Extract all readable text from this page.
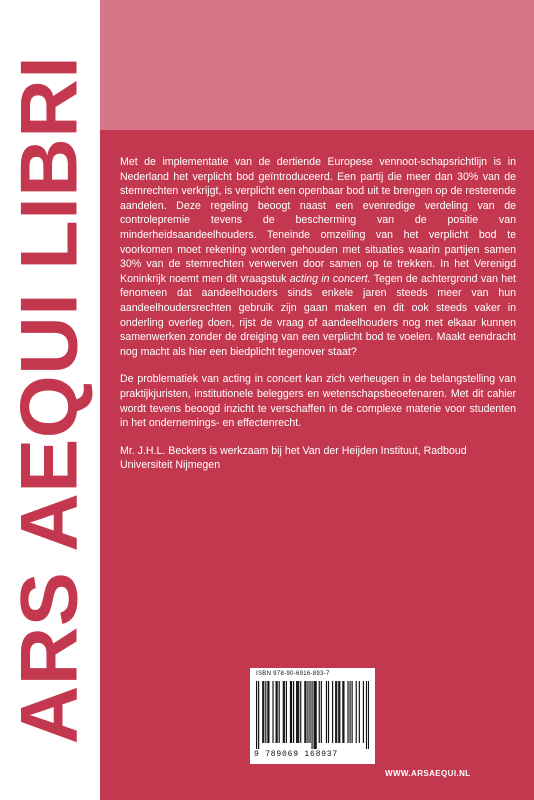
ARS AEQUI LIBRI Met de implementatie van de dertiende Europese vennoot-schapsrichtlijn is in Nederland het verplicht bod geïntroduceerd. Een partij die meer dan 30% van de stemrechten verkrijgt, is verplicht een openbaar bod uit te brengen op de resterende aandelen. Deze regeling beoogt naast een evenredige verdeling van de controlepremie tevens de bescherming van de positie van minderheidsaandeelhouders. Teneinde omzeiling van het verplicht bod te voorkomen moet rekening worden gehouden met situaties waarin partijen samen 30% van de stemrechten verwerven door samen op te trekken. In het Verenigd Koninkrijk noemt men dit vraagstuk acting in concert. Tegen de achtergrond van het fenomeen dat aandeelhouders sinds enkele jaren steeds meer van hun aandeelhoudersrechten gebruik zijn gaan maken en dit ook steeds vaker in onderling overleg doen, rijst de vraag of aandeelhouders nog met elkaar kunnen samenwerken zonder de dreiging van een verplicht bod te voelen. Maakt eendracht nog macht als hier een biedplicht tegenover staat?

De problematiek van acting in concert kan zich verheugen in de belangstelling van praktijkjuristen, institutionele beleggers en wetenschapsbeoefenaren. Met dit cahier wordt tevens beoogd inzicht te verschaffen in de complexe materie voor studenten in het ondernemings- en effectenrecht.

Mr. J.H.L. Beckers is werkzaam bij het Van der Heijden Instituut, Radboud Universiteit Nijmegen

ISBN 978-90-6916-893-7
9 789069 168937
WWW.ARSAEQUI.NL
